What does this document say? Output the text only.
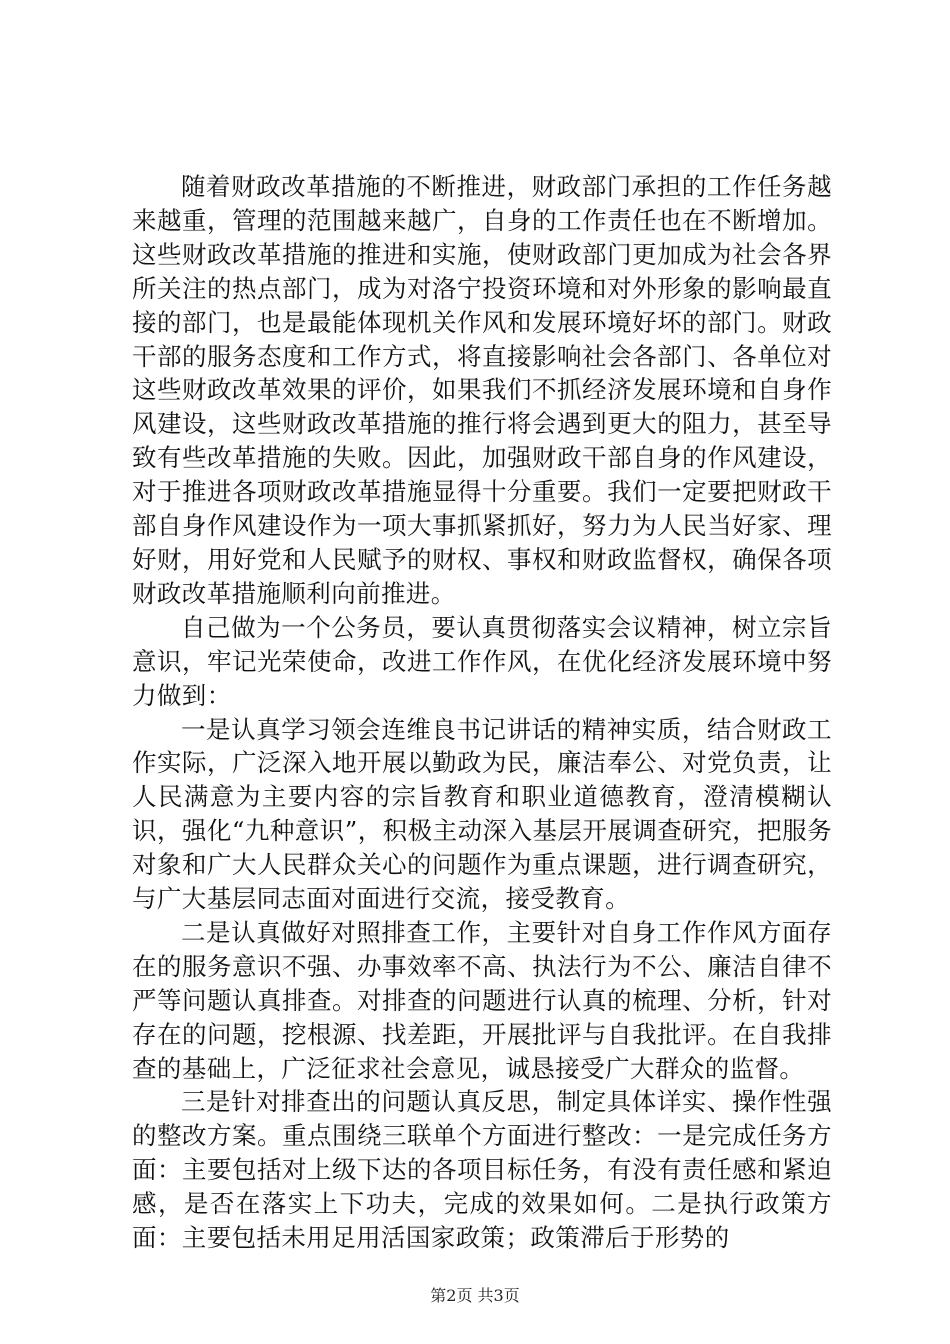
随着财政改革措施的不断推进，财政部门承担的工作任务越来越重，管理的范围越来越广，自身的工作责任也在不断增加。这些财政改革措施的推进和实施，使财政部门更加成为社会各界所关注的热点部门，成为对洛宁投资环境和对外形象的影响最直接的部门，也是最能体现机关作风和发展环境好坏的部门。财政干部的服务态度和工作方式，将直接影响社会各部门、各单位对这些财政改革效果的评价，如果我们不抓经济发展环境和自身作风建设，这些财政改革措施的推行将会遇到更大的阻力，甚至导致有些改革措施的失败。因此，加强财政干部自身的作风建设，对于推进各项财政改革措施显得十分重要。我们一定要把财政干部自身作风建设作为一项大事抓紧抓好，努力为人民当好家、理好财，用好党和人民赋予的财权、事权和财政监督权，确保各项财政改革措施顺利向前推进。

自己做为一个公务员，要认真贯彻落实会议精神，树立宗旨意识，牢记光荣使命，改进工作作风，在优化经济发展环境中努力做到：

一是认真学习领会连维良书记讲话的精神实质，结合财政工作实际，广泛深入地开展以勤政为民，廉洁奉公、对党负责，让人民满意为主要内容的宗旨教育和职业道德教育，澄清模糊认识，强化“九种意识”，积极主动深入基层开展调查研究，把服务对象和广大人民群众关心的问题作为重点课题，进行调查研究，与广大基层同志面对面进行交流，接受教育。

二是认真做好对照排查工作，主要针对自身工作作风方面存在的服务意识不强、办事效率不高、执法行为不公、廉洁自律不严等问题认真排查。对排查的问题进行认真的梳理、分析，针对存在的问题，挖根源、找差距，开展批评与自我批评。在自我排查的基础上，广泛征求社会意见，诚恳接受广大群众的监督。

三是针对排查出的问题认真反思，制定具体详实、操作性强的整改方案。重点围绕三联单个方面进行整改：一是完成任务方面：主要包括对上级下达的各项目标任务，有没有责任感和紧迫感，是否在落实上下功夫，完成的效果如何。二是执行政策方面：主要包括未用足用活国家政策；政策滞后于形势的

第2页 共3页
